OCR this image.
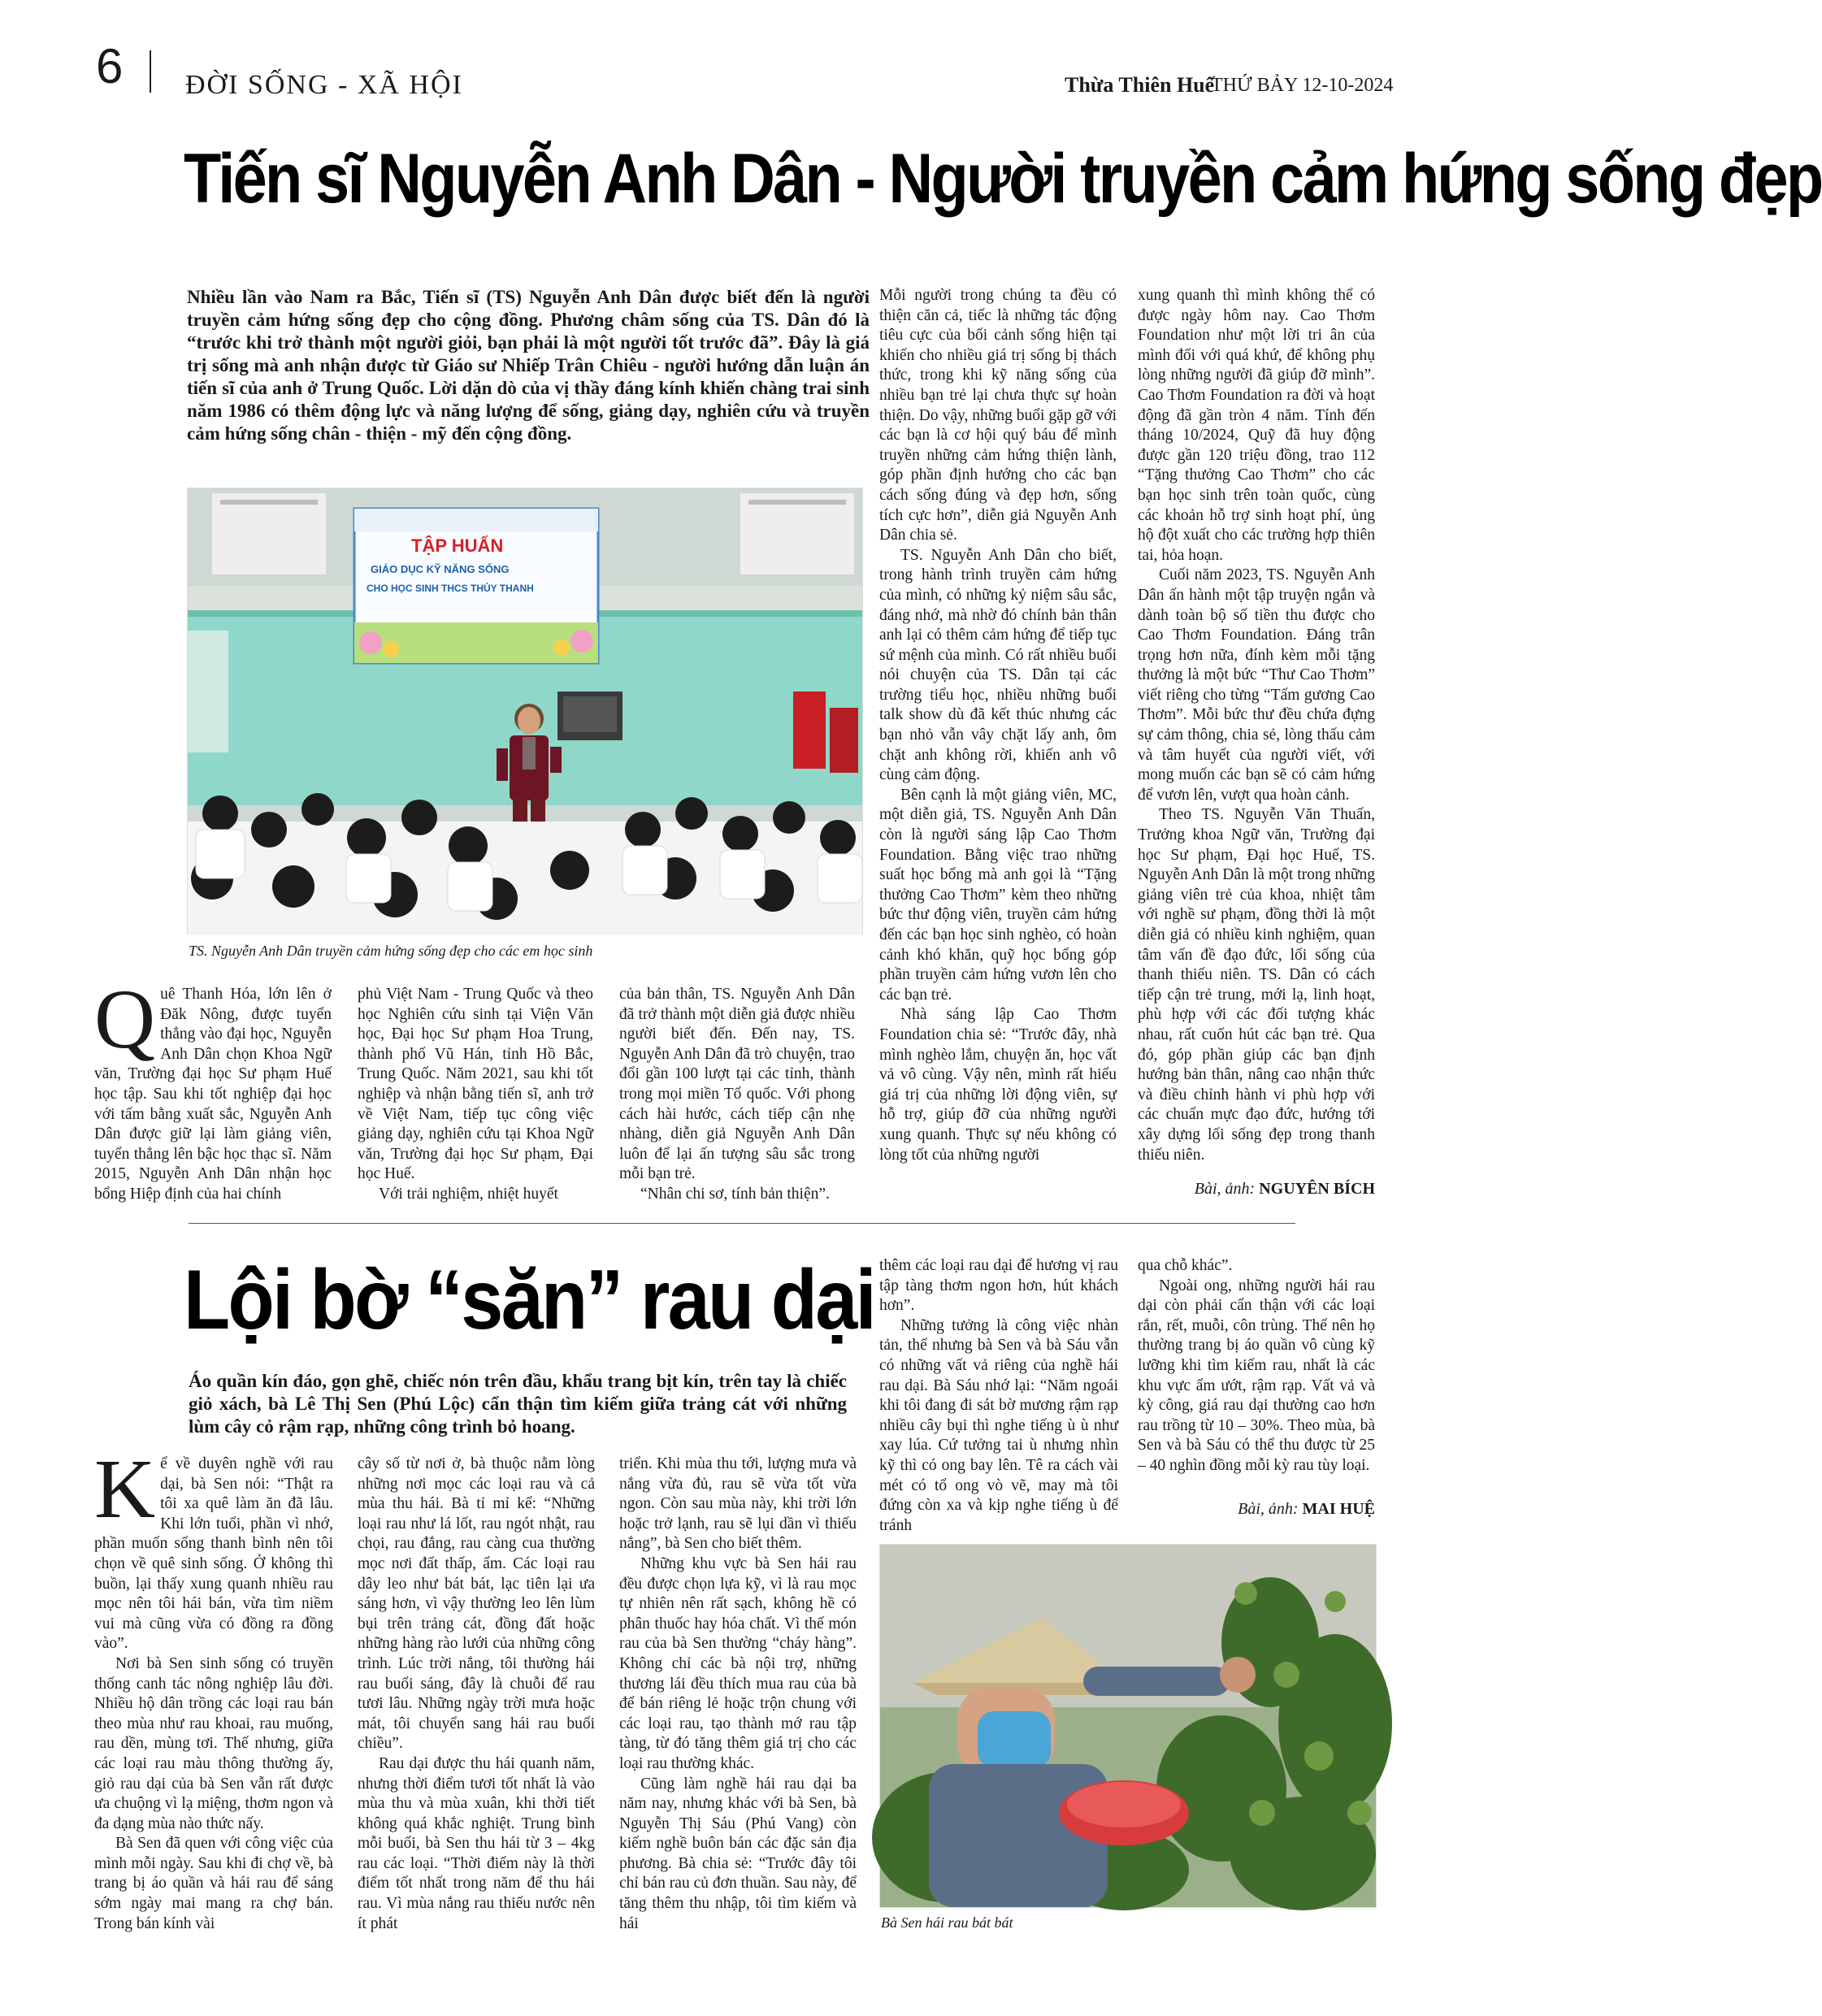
6 ĐỜI SỐNG - XÃ HỘI	Thừa Thiên Huế
THỨ BẢY 12-10-2024
Tiến sĩ Nguyễn Anh Dân - Người truyền cảm hứng sống đẹp
Nhiều lần vào Nam ra Bắc, Tiến sĩ (TS) Nguyễn Anh Dân được biết đến là người truyền cảm hứng sống đẹp cho cộng đồng. Phương châm sống của TS. Dân đó là “trước khi trở thành một người giỏi, bạn phải là một người tốt trước đã”. Đây là giá trị sống mà anh nhận được từ Giáo sư Nhiếp Trân Chiêu - người hướng dẫn luận án tiến sĩ của anh ở Trung Quốc. Lời dặn dò của vị thầy đáng kính khiến chàng trai sinh năm 1986 có thêm động lực và năng lượng để sống, giảng dạy, nghiên cứu và truyền cảm hứng sống chân - thiện - mỹ đến cộng đồng.
TẬP HUẤN
GIÁO DỤC KỸ NĂNG SỐNG
CHO HỌC SINH THCS THỦY THANH
TS. Nguyễn Anh Dân truyền cảm hứng sống đẹp cho các em học sinh
Q uê Thanh Hóa, lớn lên ở Đăk Nông, được tuyển thẳng vào đại học, Nguyễn Anh Dân chọn Khoa Ngữ văn, Trường đại học Sư phạm Huế học tập. Sau khi tốt nghiệp đại học với tấm bằng xuất sắc, Nguyễn Anh Dân được giữ lại làm giảng viên, tuyển thẳng lên bậc học thạc sĩ. Năm 2015, Nguyễn Anh Dân nhận học bổng Hiệp định của hai chính

phủ Việt Nam - Trung Quốc và theo học Nghiên cứu sinh tại Viện Văn học, Đại học Sư phạm Hoa Trung, thành phố Vũ Hán, tỉnh Hồ Bắc, Trung Quốc. Năm 2021, sau khi tốt nghiệp và nhận bằng tiến sĩ, anh trở về Việt Nam, tiếp tục công việc giảng dạy, nghiên cứu tại Khoa Ngữ văn, Trường đại học Sư phạm, Đại học Huế.

Với trải nghiệm, nhiệt huyết

của bản thân, TS. Nguyễn Anh Dân đã trở thành một diễn giả được nhiều người biết đến. Đến nay, TS. Nguyễn Anh Dân đã trò chuyện, trao đổi gần 100 lượt tại các tỉnh, thành trong mọi miền Tổ quốc. Với phong cách hài hước, cách tiếp cận nhẹ nhàng, diễn giả Nguyễn Anh Dân luôn để lại ấn tượng sâu sắc trong mỗi bạn trẻ.

“Nhân chi sơ, tính bản thiện”.

Mỗi người trong chúng ta đều có thiện căn cả, tiếc là những tác động tiêu cực của bối cảnh sống hiện tại khiến cho nhiều giá trị sống bị thách thức, trong khi kỹ năng sống của nhiều bạn trẻ lại chưa thực sự hoàn thiện. Do vậy, những buổi gặp gỡ với các bạn là cơ hội quý báu để mình truyền những cảm hứng thiện lành, góp phần định hướng cho các bạn cách sống đúng và đẹp hơn, sống tích cực hơn”, diễn giả Nguyễn Anh Dân chia sẻ.

TS. Nguyễn Anh Dân cho biết, trong hành trình truyền cảm hứng của mình, có những kỷ niệm sâu sắc, đáng nhớ, mà nhờ đó chính bản thân anh lại có thêm cảm hứng để tiếp tục sứ mệnh của mình. Có rất nhiều buổi nói chuyện của TS. Dân tại các trường tiểu học, nhiều những buổi talk show dù đã kết thúc nhưng các bạn nhỏ vẫn vây chặt lấy anh, ôm chặt anh không rời, khiến anh vô cùng cảm động.

Bên cạnh là một giảng viên, MC, một diễn giả, TS. Nguyễn Anh Dân còn là người sáng lập Cao Thơm Foundation. Bằng việc trao những suất học bổng mà anh gọi là “Tặng thưởng Cao Thơm” kèm theo những bức thư động viên, truyền cảm hứng đến các bạn học sinh nghèo, có hoàn cảnh khó khăn, quỹ học bổng góp phần truyền cảm hứng vươn lên cho các bạn trẻ.

Nhà sáng lập Cao Thơm Foundation chia sẻ: “Trước đây, nhà mình nghèo lắm, chuyện ăn, học vất vả vô cùng. Vậy nên, mình rất hiểu giá trị của những lời động viên, sự hỗ trợ, giúp đỡ của những người xung quanh. Thực sự nếu không có lòng tốt của những người

xung quanh thì mình không thể có được ngày hôm nay. Cao Thơm Foundation như một lời tri ân của mình đối với quá khứ, để không phụ lòng những người đã giúp đỡ mình”. Cao Thơm Foundation ra đời và hoạt động đã gần tròn 4 năm. Tính đến tháng 10/2024, Quỹ đã huy động được gần 120 triệu đồng, trao 112 “Tặng thưởng Cao Thơm” cho các bạn học sinh trên toàn quốc, cùng các khoản hỗ trợ sinh hoạt phí, ủng hộ đột xuất cho các trường hợp thiên tai, hỏa hoạn.

Cuối năm 2023, TS. Nguyễn Anh Dân ấn hành một tập truyện ngắn và dành toàn bộ số tiền thu được cho Cao Thơm Foundation. Đáng trân trọng hơn nữa, đính kèm mỗi tặng thưởng là một bức “Thư Cao Thơm” viết riêng cho từng “Tấm gương Cao Thơm”. Mỗi bức thư đều chứa đựng sự cảm thông, chia sẻ, lòng thấu cảm và tâm huyết của người viết, với mong muốn các bạn sẽ có cảm hứng để vươn lên, vượt qua hoàn cảnh.

Theo TS. Nguyễn Văn Thuấn, Trưởng khoa Ngữ văn, Trường đại học Sư phạm, Đại học Huế, TS. Nguyễn Anh Dân là một trong những giảng viên trẻ của khoa, nhiệt tâm với nghề sư phạm, đồng thời là một diễn giả có nhiều kinh nghiệm, quan tâm vấn đề đạo đức, lối sống của thanh thiếu niên. TS. Dân có cách tiếp cận trẻ trung, mới lạ, linh hoạt, phù hợp với các đối tượng khác nhau, rất cuốn hút các bạn trẻ. Qua đó, góp phần giúp các bạn định hướng bản thân, nâng cao nhận thức và điều chỉnh hành vi phù hợp với các chuẩn mực đạo đức, hướng tới xây dựng lối sống đẹp trong thanh thiếu niên.

Bài, ảnh: NGUYÊN BÍCH
Lội bờ “săn” rau dại
Áo quần kín đáo, gọn ghẽ, chiếc nón trên đầu, khẩu trang bịt kín, trên tay là chiếc giỏ xách, bà Lê Thị Sen (Phú Lộc) cẩn thận tìm kiếm giữa trảng cát với những lùm cây cỏ rậm rạp, những công trình bỏ hoang.
K ể về duyên nghề với rau dại, bà Sen nói: “Thật ra tôi xa quê làm ăn đã lâu. Khi lớn tuổi, phần vì nhớ, phần muốn sống thanh bình nên tôi chọn về quê sinh sống. Ở không thì buồn, lại thấy xung quanh nhiều rau mọc nên tôi hái bán, vừa tìm niềm vui mà cũng vừa có đồng ra đồng vào”.

Nơi bà Sen sinh sống có truyền thống canh tác nông nghiệp lâu đời. Nhiều hộ dân trồng các loại rau bán theo mùa như rau khoai, rau muống, rau dền, mùng tơi. Thế nhưng, giữa các loại rau màu thông thường ấy, giỏ rau dại của bà Sen vẫn rất được ưa chuộng vì lạ miệng, thơm ngon và đa dạng mùa nào thức nấy.

Bà Sen đã quen với công việc của mình mỗi ngày. Sau khi đi chợ về, bà trang bị áo quần và hái rau để sáng sớm ngày mai mang ra chợ bán. Trong bán kính vài

cây số từ nơi ở, bà thuộc nằm lòng những nơi mọc các loại rau và cả mùa thu hái. Bà tỉ mỉ kể: “Những loại rau như lá lốt, rau ngót nhật, rau chọi, rau đắng, rau càng cua thường mọc nơi đất thấp, ẩm. Các loại rau dây leo như bát bát, lạc tiên lại ưa sáng hơn, vì vậy thường leo lên lùm bụi trên trảng cát, đồng đất hoặc những hàng rào lưới của những công trình. Lúc trời nắng, tôi thường hái rau buổi sáng, đây là chuỗi để rau tươi lâu. Những ngày trời mưa hoặc mát, tôi chuyển sang hái rau buổi chiều”.

Rau dại được thu hái quanh năm, nhưng thời điểm tươi tốt nhất là vào mùa thu và mùa xuân, khi thời tiết không quá khắc nghiệt. Trung bình mỗi buổi, bà Sen thu hái từ 3 – 4kg rau các loại. “Thời điểm này là thời điểm tốt nhất trong năm để thu hái rau. Vì mùa nắng rau thiếu nước nên ít phát

triển. Khi mùa thu tới, lượng mưa và nắng vừa đủ, rau sẽ vừa tốt vừa ngon. Còn sau mùa này, khi trời lớn hoặc trở lạnh, rau sẽ lụi dần vì thiếu nắng”, bà Sen cho biết thêm.

Những khu vực bà Sen hái rau đều được chọn lựa kỹ, vì là rau mọc tự nhiên nên rất sạch, không hề có phân thuốc hay hóa chất. Vì thế món rau của bà Sen thường “cháy hàng”. Không chỉ các bà nội trợ, những thương lái đều thích mua rau của bà để bán riêng lẻ hoặc trộn chung với các loại rau, tạo thành mớ rau tập tàng, từ đó tăng thêm giá trị cho các loại rau thường khác.

Cũng làm nghề hái rau dại ba năm nay, nhưng khác với bà Sen, bà Nguyễn Thị Sáu (Phú Vang) còn kiếm nghề buôn bán các đặc sản địa phương. Bà chia sẻ: “Trước đây tôi chỉ bán rau củ đơn thuần. Sau này, để tăng thêm thu nhập, tôi tìm kiếm và hái

thêm các loại rau dại để hương vị rau tập tàng thơm ngon hơn, hút khách hơn”.

Những tưởng là công việc nhàn tản, thế nhưng bà Sen và bà Sáu vẫn có những vất vả riêng của nghề hái rau dại. Bà Sáu nhớ lại: “Năm ngoái khi tôi đang đi sát bờ mương rậm rạp nhiều cây bụi thì nghe tiếng ù ù như xay lúa. Cứ tưởng tai ù nhưng nhìn kỹ thì có ong bay lên. Tê ra cách vài mét có tổ ong vò vẽ, may mà tôi đứng còn xa và kịp nghe tiếng ù để tránh

qua chỗ khác”.

Ngoài ong, những người hái rau dại còn phải cẩn thận với các loại rắn, rết, muỗi, côn trùng. Thế nên họ thường trang bị áo quần vô cùng kỹ lưỡng khi tìm kiếm rau, nhất là các khu vực ẩm ướt, rậm rạp. Vất vả và kỳ công, giá rau dại thường cao hơn rau trồng từ 10 – 30%. Theo mùa, bà Sen và bà Sáu có thể thu được từ 25 – 40 nghìn đồng mỗi kỳ rau tùy loại.

Bài, ảnh: MAI HUỆ
Bà Sen hái rau bát bát
